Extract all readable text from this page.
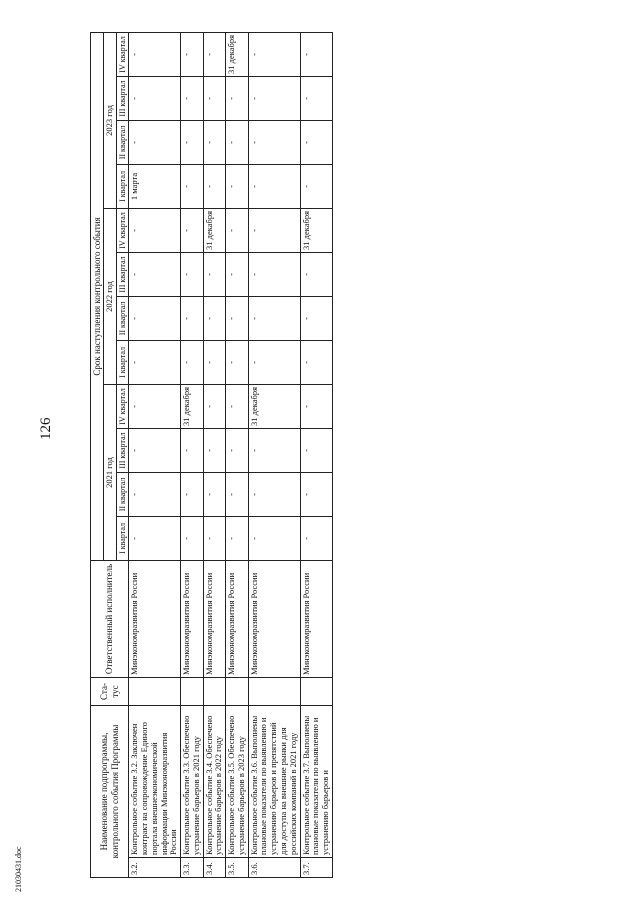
126
21030431.doc
Наименование подпрограммы, контрольного события Программы		Ста-тус	Ответственный исполнитель	Срок наступления контрольного события											
				2021 год				2022 год				2023 год			
				I квартал	II квартал	III квартал	IV квартал	I квартал	II квартал	III квартал	IV квартал	I квартал	II квартал	III квартал	IV квартал
3.2.	Контрольное событие 3.2. Заключен контракт на сопровождение Единого портала внешнеэкономической информации Минэкономразвития России		Минэкономразвития России	-	-	-	-	-	-	-	-	1 марта	-	-	-
3.3.	Контрольное событие 3.3. Обеспечено устранение барьеров в 2021 году		Минэкономразвития России	-	-	-	31 декабря	-	-	-	-	-	-	-	-
3.4.	Контрольное событие 3.4. Обеспечено устранение барьеров в 2022 году		Минэкономразвития России	-	-	-	-	-	-	-	31 декабря	-	-	-	-
3.5.	Контрольное событие 3.5. Обеспечено устранение барьеров в 2023 году		Минэкономразвития России	-	-	-	-	-	-	-	-	-	-	-	31 декабря
3.6.	Контрольное событие 3.6. Выполнены плановые показатели по выявлению и устранению барьеров и препятствий для доступа на внешние рынки для российских компаний в 2021 году		Минэкономразвития России	-	-	-	31 декабря	-	-	-	-	-	-	-	-
3.7.	Контрольное событие 3.7. Выполнены плановые показатели по выявлению и устранению барьеров и		Минэкономразвития России	-	-	-	-	-	-	-	31 декабря	-	-	-	-
